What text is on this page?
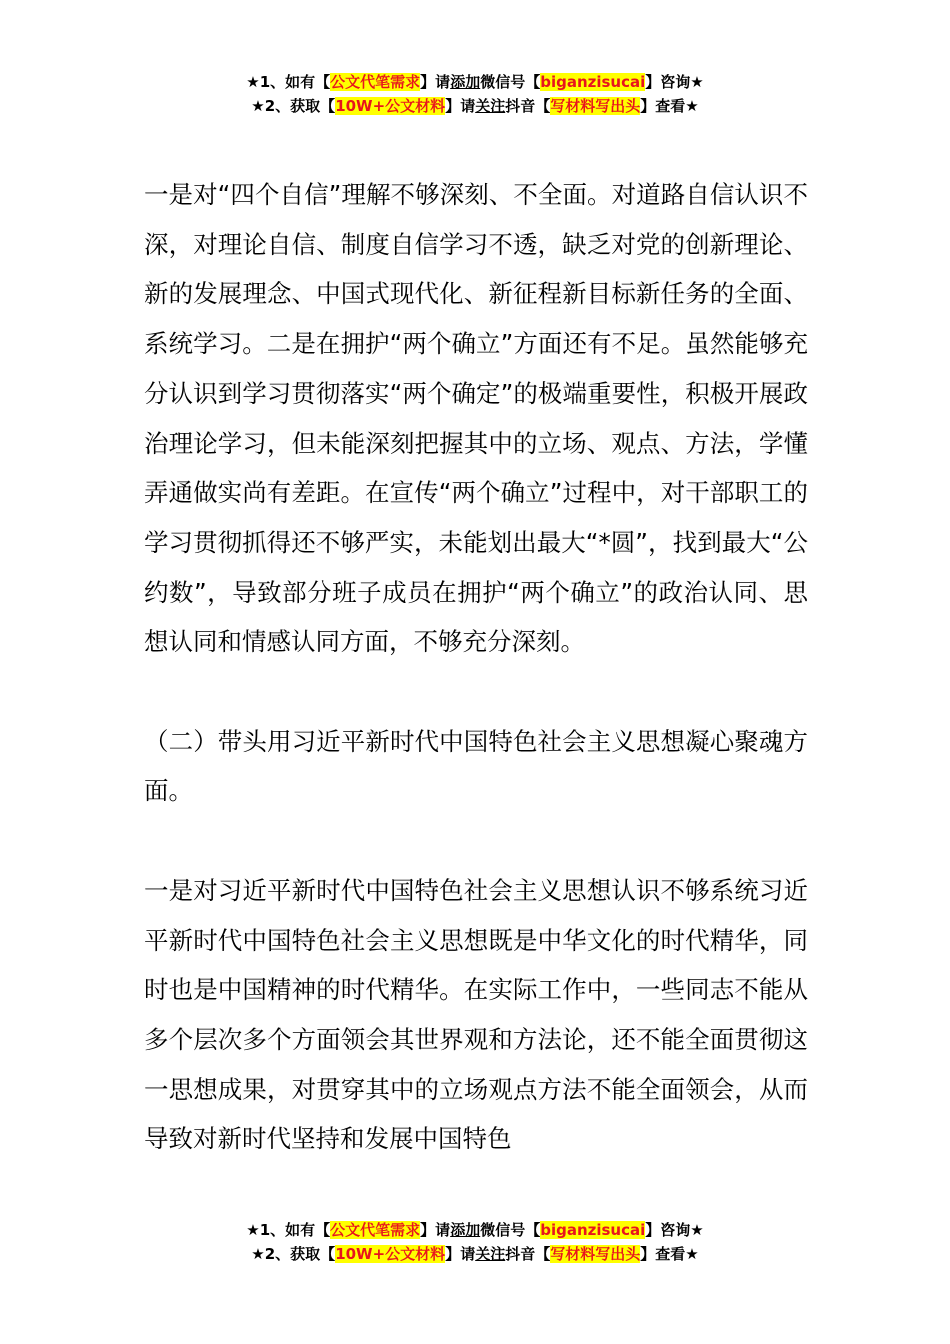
★1、如有【公文代笔需求】请添加微信号【biganzisucai】咨询★
★2、获取【10W+公文材料】请关注抖音【写材料写出头】查看★

一是对“四个自信”理解不够深刻、不全面。对道路自信认识不深，对理论自信、制度自信学习不透，缺乏对党的创新理论、新的发展理念、中国式现代化、新征程新目标新任务的全面、系统学习。二是在拥护“两个确立”方面还有不足。虽然能够充分认识到学习贯彻落实“两个确定”的极端重要性，积极开展政治理论学习，但未能深刻把握其中的立场、观点、方法，学懂弄通做实尚有差距。在宣传“两个确立”过程中，对干部职工的学习贯彻抓得还不够严实，未能划出最大“*圆”，找到最大“公约数”，导致部分班子成员在拥护“两个确立”的政治认同、思想认同和情感认同方面，不够充分深刻。

（二）带头用习近平新时代中国特色社会主义思想凝心聚魂方面。

一是对习近平新时代中国特色社会主义思想认识不够系统习近平新时代中国特色社会主义思想既是中华文化的时代精华，同时也是中国精神的时代精华。在实际工作中，一些同志不能从多个层次多个方面领会其世界观和方法论，还不能全面贯彻这一思想成果，对贯穿其中的立场观点方法不能全面领会，从而导致对新时代坚持和发展中国特色

★1、如有【公文代笔需求】请添加微信号【biganzisucai】咨询★
★2、获取【10W+公文材料】请关注抖音【写材料写出头】查看★
